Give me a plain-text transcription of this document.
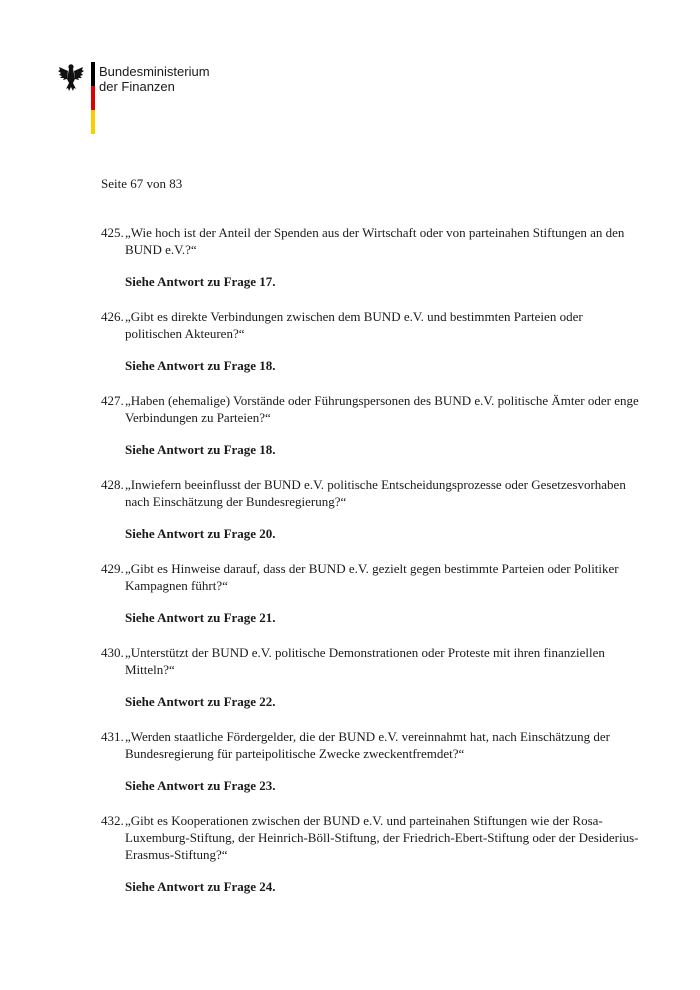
Bundesministerium
der Finanzen
Seite 67 von 83
425. „Wie hoch ist der Anteil der Spenden aus der Wirtschaft oder von parteinahen Stiftungen an den BUND e.V.?“
Siehe Antwort zu Frage 17.
426. „Gibt es direkte Verbindungen zwischen dem BUND e.V. und bestimmten Parteien oder politischen Akteuren?“
Siehe Antwort zu Frage 18.
427. „Haben (ehemalige) Vorstände oder Führungspersonen des BUND e.V. politische Ämter oder enge Verbindungen zu Parteien?“
Siehe Antwort zu Frage 18.
428. „Inwiefern beeinflusst der BUND e.V. politische Entscheidungsprozesse oder Gesetzesvorhaben nach Einschätzung der Bundesregierung?“
Siehe Antwort zu Frage 20.
429. „Gibt es Hinweise darauf, dass der BUND e.V. gezielt gegen bestimmte Parteien oder Politiker Kampagnen führt?“
Siehe Antwort zu Frage 21.
430. „Unterstützt der BUND e.V. politische Demonstrationen oder Proteste mit ihren finanziellen Mitteln?“
Siehe Antwort zu Frage 22.
431. „Werden staatliche Fördergelder, die der BUND e.V. vereinnahmt hat, nach Einschätzung der Bundesregierung für parteipolitische Zwecke zweckentfremdet?“
Siehe Antwort zu Frage 23.
432. „Gibt es Kooperationen zwischen der BUND e.V. und parteinahen Stiftungen wie der Rosa-Luxemburg-Stiftung, der Heinrich-Böll-Stiftung, der Friedrich-Ebert-Stiftung oder der Desiderius-Erasmus-Stiftung?“
Siehe Antwort zu Frage 24.
